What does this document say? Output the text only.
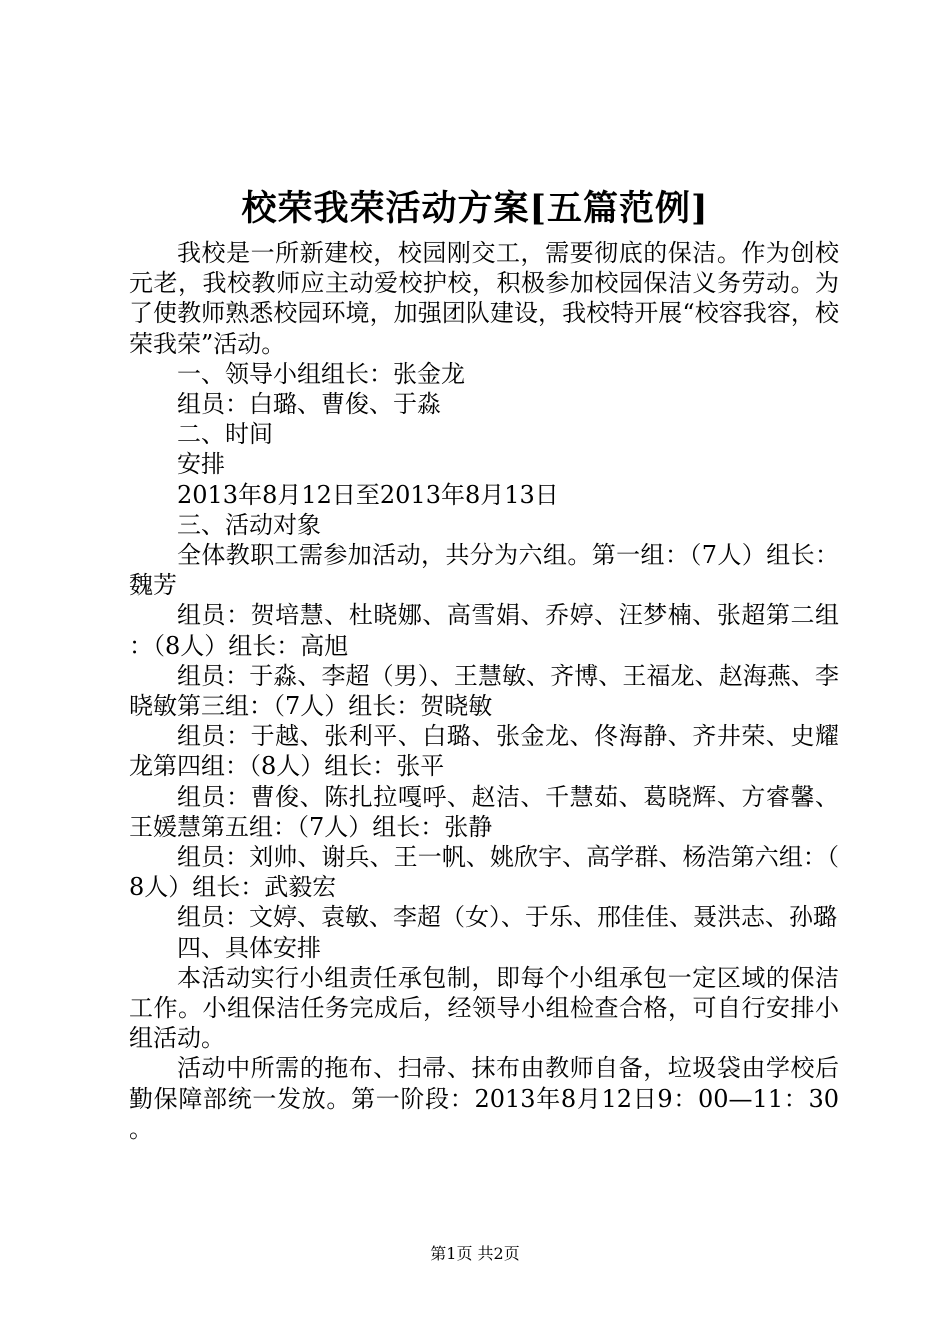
校荣我荣活动方案[五篇范例]

我校是一所新建校，校园刚交工，需要彻底的保洁。作为创校元老，我校教师应主动爱校护校，积极参加校园保洁义务劳动。为了使教师熟悉校园环境，加强团队建设，我校特开展“校容我容，校荣我荣”活动。

一、领导小组组长：张金龙

组员：白璐、曹俊、于淼

二、时间

安排

2013年8月12日至2013年8月13日

三、活动对象

全体教职工需参加活动，共分为六组。第一组：（7人）组长：魏芳

组员：贺培慧、杜晓娜、高雪娟、乔婷、汪梦楠、张超第二组：（8人）组长：高旭

组员：于淼、李超（男）、王慧敏、齐博、王福龙、赵海燕、李晓敏第三组：（7人）组长：贺晓敏

组员：于越、张利平、白璐、张金龙、佟海静、齐井荣、史耀龙第四组：（8人）组长：张平

组员：曹俊、陈扎拉嘎呼、赵洁、千慧茹、葛晓辉、方睿馨、王媛慧第五组：（7人）组长：张静

组员：刘帅、谢兵、王一帆、姚欣宇、高学群、杨浩第六组：（8人）组长：武毅宏

组员：文婷、袁敏、李超（女）、于乐、邢佳佳、聂洪志、孙璐

四、具体安排

本活动实行小组责任承包制，即每个小组承包一定区域的保洁工作。小组保洁任务完成后，经领导小组检查合格，可自行安排小组活动。

活动中所需的拖布、扫帚、抹布由教师自备，垃圾袋由学校后勤保障部统一发放。第一阶段：2013年8月12日9：00—11：30。

第1页 共2页
